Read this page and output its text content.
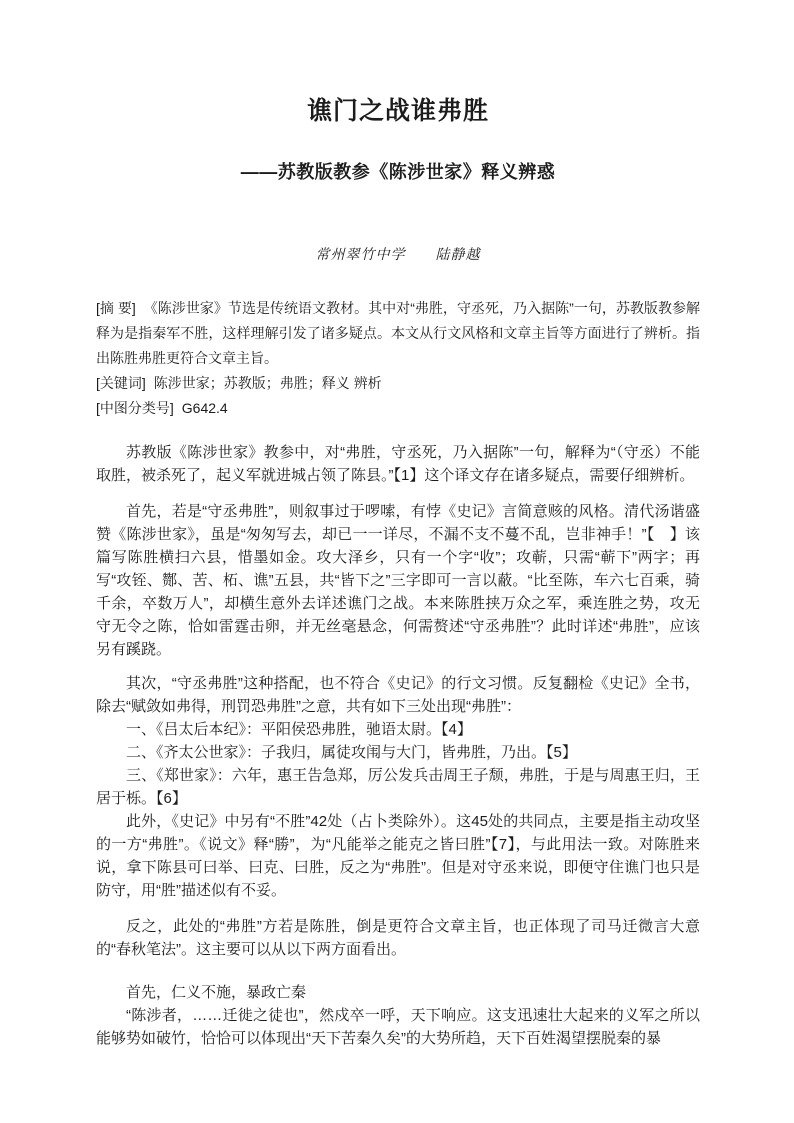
谯门之战谁弗胜
——苏教版教参《陈涉世家》释义辨惑
常州翠竹中学　　陆静越

[摘 要] 《陈涉世家》节选是传统语文教材。其中对“弗胜，守丞死，乃入据陈”一句，苏教版教参解释为是指秦军不胜，这样理解引发了诸多疑点。本文从行文风格和文章主旨等方面进行了辨析。指出陈胜弗胜更符合文章主旨。

[关键词] 陈涉世家；苏教版；弗胜；释义 辨析

[中图分类号] G642.4

苏教版《陈涉世家》教参中，对“弗胜，守丞死，乃入据陈”一句，解释为“（守丞）不能取胜，被杀死了，起义军就进城占领了陈县。”【1】这个译文存在诸多疑点，需要仔细辨析。

首先，若是“守丞弗胜”，则叙事过于啰嗦，有悖《史记》言简意赅的风格。清代汤谐盛赞《陈涉世家》，虽是“匆匆写去，却已一一详尽，不漏不支不蔓不乱，岂非神手！”【　】该篇写陈胜横扫六县，惜墨如金。攻大泽乡，只有一个字“收”；攻蕲，只需“蕲下”两字；再写“攻铚、酂、苦、柘、谯”五县，共“皆下之”三字即可一言以蔽。“比至陈，车六七百乘，骑千余，卒数万人”，却横生意外去详述谯门之战。本来陈胜挟万众之军，乘连胜之势，攻无守无令之陈，恰如雷霆击卵，并无丝毫悬念，何需赘述“守丞弗胜”？此时详述“弗胜”，应该另有蹊跷。

其次，“守丞弗胜”这种搭配，也不符合《史记》的行文习惯。反复翻检《史记》全书，除去“赋敛如弗得，刑罚恐弗胜”之意，共有如下三处出现“弗胜”：

一、《吕太后本纪》：平阳侯恐弗胜，驰语太尉。【4】

二、《齐太公世家》：子我归，属徒攻闱与大门，皆弗胜，乃出。【5】

三、《郑世家》：六年，惠王告急郑，厉公发兵击周王子颓，弗胜，于是与周惠王归，王居于栎。【6】

此外，《史记》中另有“不胜”42处（占卜类除外）。这45处的共同点，主要是指主动攻坚的一方“弗胜”。《说文》释“勝”，为“凡能举之能克之皆曰胜”【7】，与此用法一致。对陈胜来说，拿下陈县可曰举、曰克、曰胜，反之为“弗胜”。但是对守丞来说，即便守住谯门也只是防守，用“胜”描述似有不妥。

反之，此处的“弗胜”方若是陈胜，倒是更符合文章主旨，也正体现了司马迁微言大意的“春秋笔法”。这主要可以从以下两方面看出。

首先，仁义不施，暴政亡秦

“陈涉者，……迁徙之徒也”，然戍卒一呼，天下响应。这支迅速壮大起来的义军之所以能够势如破竹，恰恰可以体现出“天下苦秦久矣”的大势所趋，天下百姓渴望摆脱秦的暴
